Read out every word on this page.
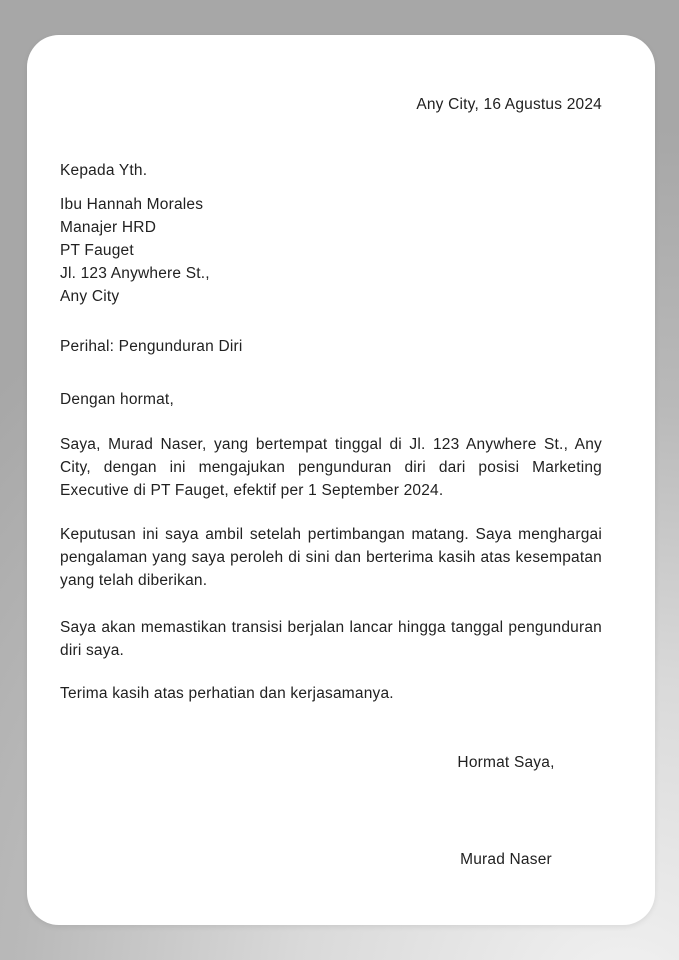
Any City, 16 Agustus 2024
Kepada Yth.
Ibu Hannah Morales
Manajer HRD
PT Fauget
Jl. 123 Anywhere St.,
Any City
Perihal: Pengunduran Diri
Dengan hormat,

Saya, Murad Naser, yang bertempat tinggal di Jl. 123 Anywhere St., Any City, dengan ini mengajukan pengunduran diri dari posisi Marketing Executive di PT Fauget, efektif per 1 September 2024.

Keputusan ini saya ambil setelah pertimbangan matang. Saya menghargai pengalaman yang saya peroleh di sini dan berterima kasih atas kesempatan yang telah diberikan.

Saya akan memastikan transisi berjalan lancar hingga tanggal pengunduran diri saya.

Terima kasih atas perhatian dan kerjasamanya.

Hormat Saya,
Murad Naser
